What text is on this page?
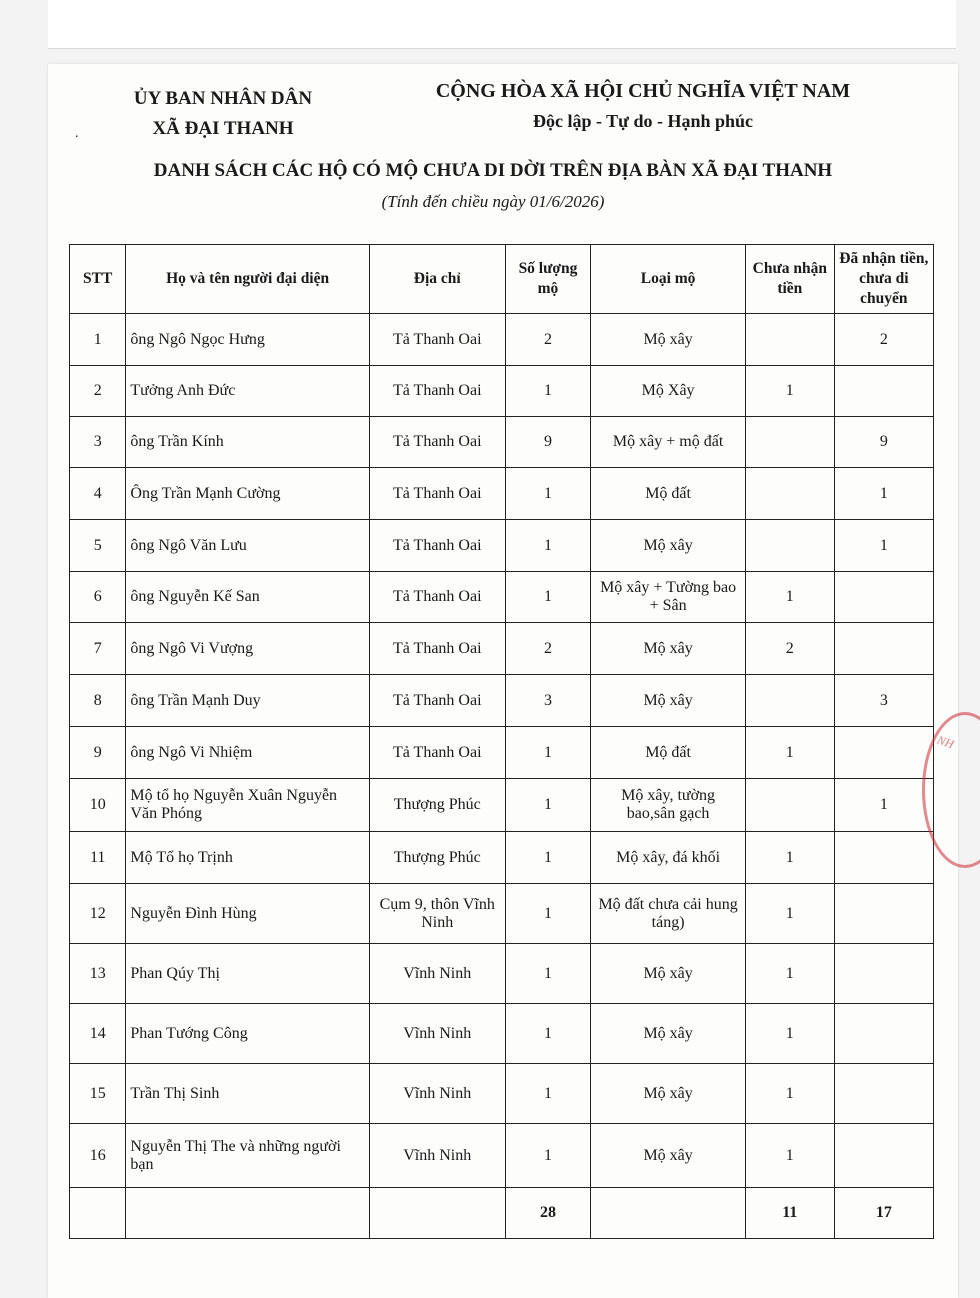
ỦY BAN NHÂN DÂN
XÃ ĐẠI THANH
.
CỘNG HÒA XÃ HỘI CHỦ NGHĨA VIỆT NAM
Độc lập - Tự do - Hạnh phúc
DANH SÁCH CÁC HỘ CÓ MỘ CHƯA DI DỜI TRÊN ĐỊA BÀN XÃ ĐẠI THANH
(Tính đến chiều ngày 01/6/2026)
STT	Họ và tên người đại diện	Địa chỉ	Số lượng mộ	Loại mộ	Chưa nhận tiền	Đã nhận tiền, chưa di chuyển
1	ông Ngô Ngọc Hưng	Tả Thanh Oai	2	Mộ xây		2
2	Tưởng Anh Đức	Tả Thanh Oai	1	Mộ Xây	1	
3	ông Trần Kính	Tả Thanh Oai	9	Mộ xây + mộ đất		9
4	Ông Trần Mạnh Cường	Tả Thanh Oai	1	Mộ đất		1
5	ông Ngô Văn Lưu	Tả Thanh Oai	1	Mộ xây		1
6	ông Nguyễn Kế San	Tả Thanh Oai	1	Mộ xây + Tường bao + Sân	1	
7	ông Ngô Vi Vượng	Tả Thanh Oai	2	Mộ xây	2	
8	ông Trần Mạnh Duy	Tả Thanh Oai	3	Mộ xây		3
9	ông Ngô Vi Nhiệm	Tả Thanh Oai	1	Mộ đất	1	
10	Mộ tổ họ Nguyễn Xuân Nguyễn Văn Phóng	Thượng Phúc	1	Mộ xây, tường bao,sân gạch		1
11	Mộ Tổ họ Trịnh	Thượng Phúc	1	Mộ xây, đá khối	1	
12	Nguyễn Đình Hùng	Cụm 9, thôn Vĩnh Ninh	1	Mộ đất chưa cải hung táng)	1	
13	Phan Qúy Thị	Vĩnh Ninh	1	Mộ xây	1	
14	Phan Tướng Công	Vĩnh Ninh	1	Mộ xây	1	
15	Trần Thị Sinh	Vĩnh Ninh	1	Mộ xây	1	
16	Nguyễn Thị The và những người bạn	Vĩnh Ninh	1	Mộ xây	1	
			28		11	17
NH
